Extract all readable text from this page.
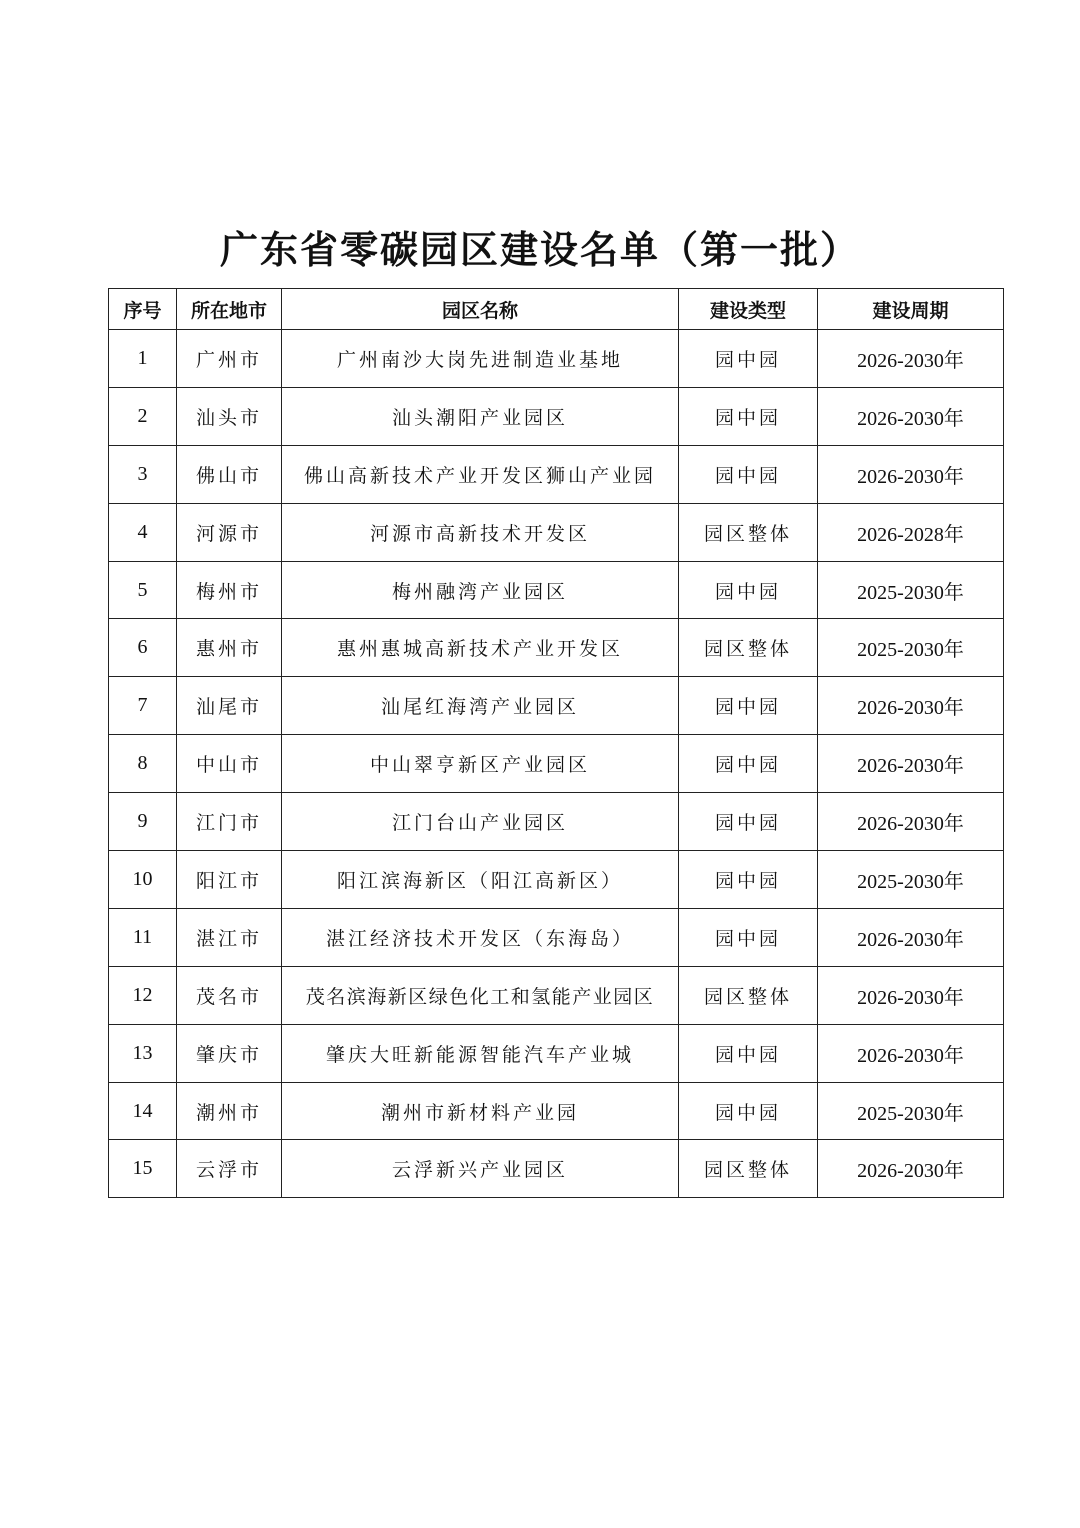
广东省零碳园区建设名单（第一批）
序号	所在地市	园区名称	建设类型	建设周期
1	广州市	广州南沙大岗先进制造业基地	园中园	2026-2030年
2	汕头市	汕头潮阳产业园区	园中园	2026-2030年
3	佛山市	佛山高新技术产业开发区狮山产业园	园中园	2026-2030年
4	河源市	河源市高新技术开发区	园区整体	2026-2028年
5	梅州市	梅州融湾产业园区	园中园	2025-2030年
6	惠州市	惠州惠城高新技术产业开发区	园区整体	2025-2030年
7	汕尾市	汕尾红海湾产业园区	园中园	2026-2030年
8	中山市	中山翠亨新区产业园区	园中园	2026-2030年
9	江门市	江门台山产业园区	园中园	2026-2030年
10	阳江市	阳江滨海新区（阳江高新区）	园中园	2025-2030年
11	湛江市	湛江经济技术开发区（东海岛）	园中园	2026-2030年
12	茂名市	茂名滨海新区绿色化工和氢能产业园区	园区整体	2026-2030年
13	肇庆市	肇庆大旺新能源智能汽车产业城	园中园	2026-2030年
14	潮州市	潮州市新材料产业园	园中园	2025-2030年
15	云浮市	云浮新兴产业园区	园区整体	2026-2030年
